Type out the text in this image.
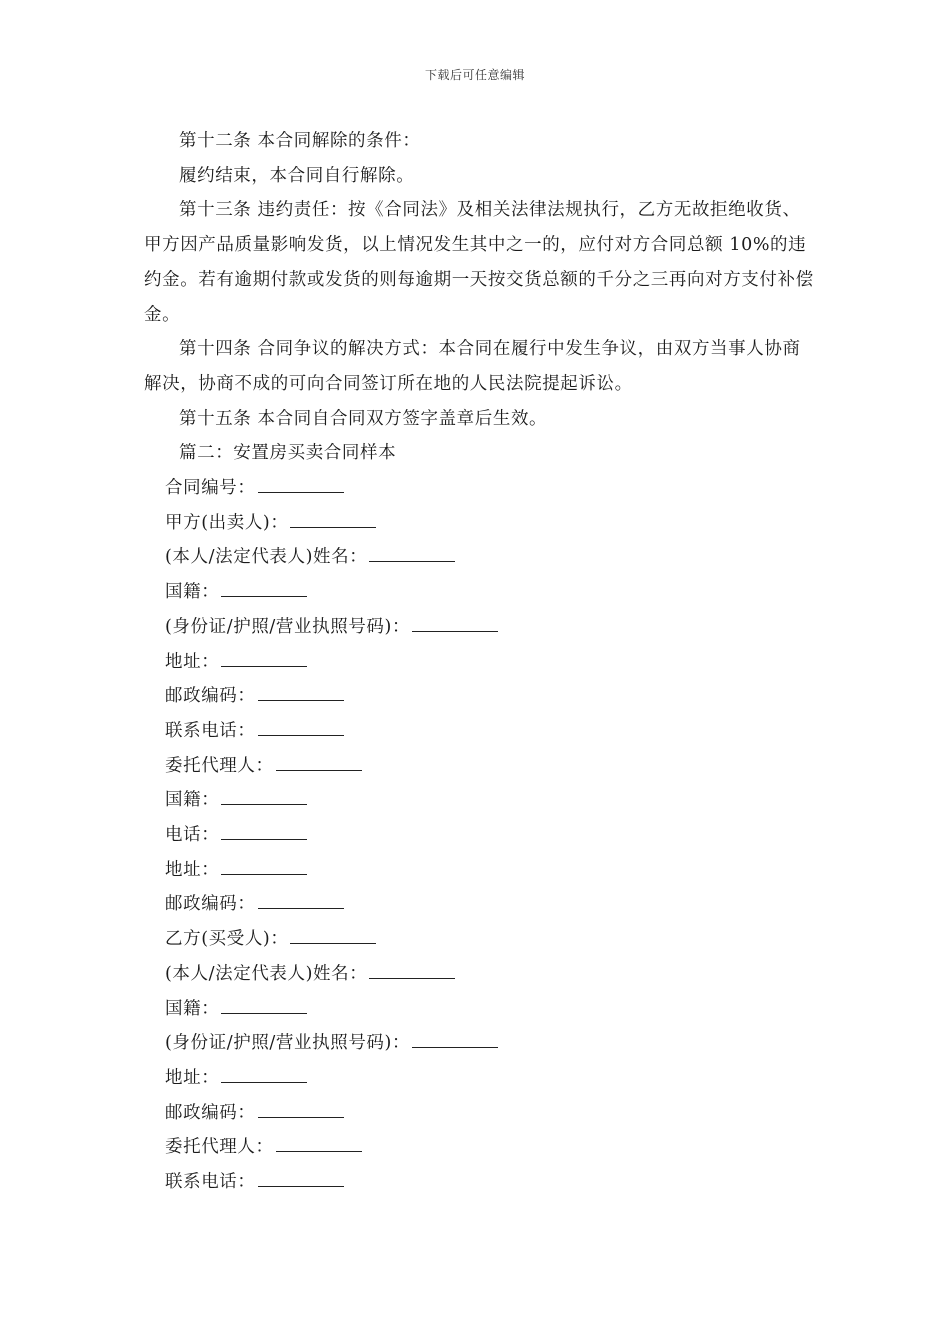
下载后可任意编辑

第十二条 本合同解除的条件：

履约结束，本合同自行解除。

第十三条 违约责任：按《合同法》及相关法律法规执行，乙方无故拒绝收货、甲方因产品质量影响发货，以上情况发生其中之一的，应付对方合同总额 10%的违约金。若有逾期付款或发货的则每逾期一天按交货总额的千分之三再向对方支付补偿金。

第十四条 合同争议的解决方式：本合同在履行中发生争议，由双方当事人协商解决，协商不成的可向合同签订所在地的人民法院提起诉讼。

第十五条 本合同自合同双方签字盖章后生效。

篇二：安置房买卖合同样本

合同编号：

甲方(出卖人)：

(本人/法定代表人)姓名：

国籍：

(身份证/护照/营业执照号码)：

地址：

邮政编码：

联系电话：

委托代理人：

国籍：

电话：

地址：

邮政编码：

乙方(买受人)：

(本人/法定代表人)姓名：

国籍：

(身份证/护照/营业执照号码)：

地址：

邮政编码：

委托代理人：

联系电话：
